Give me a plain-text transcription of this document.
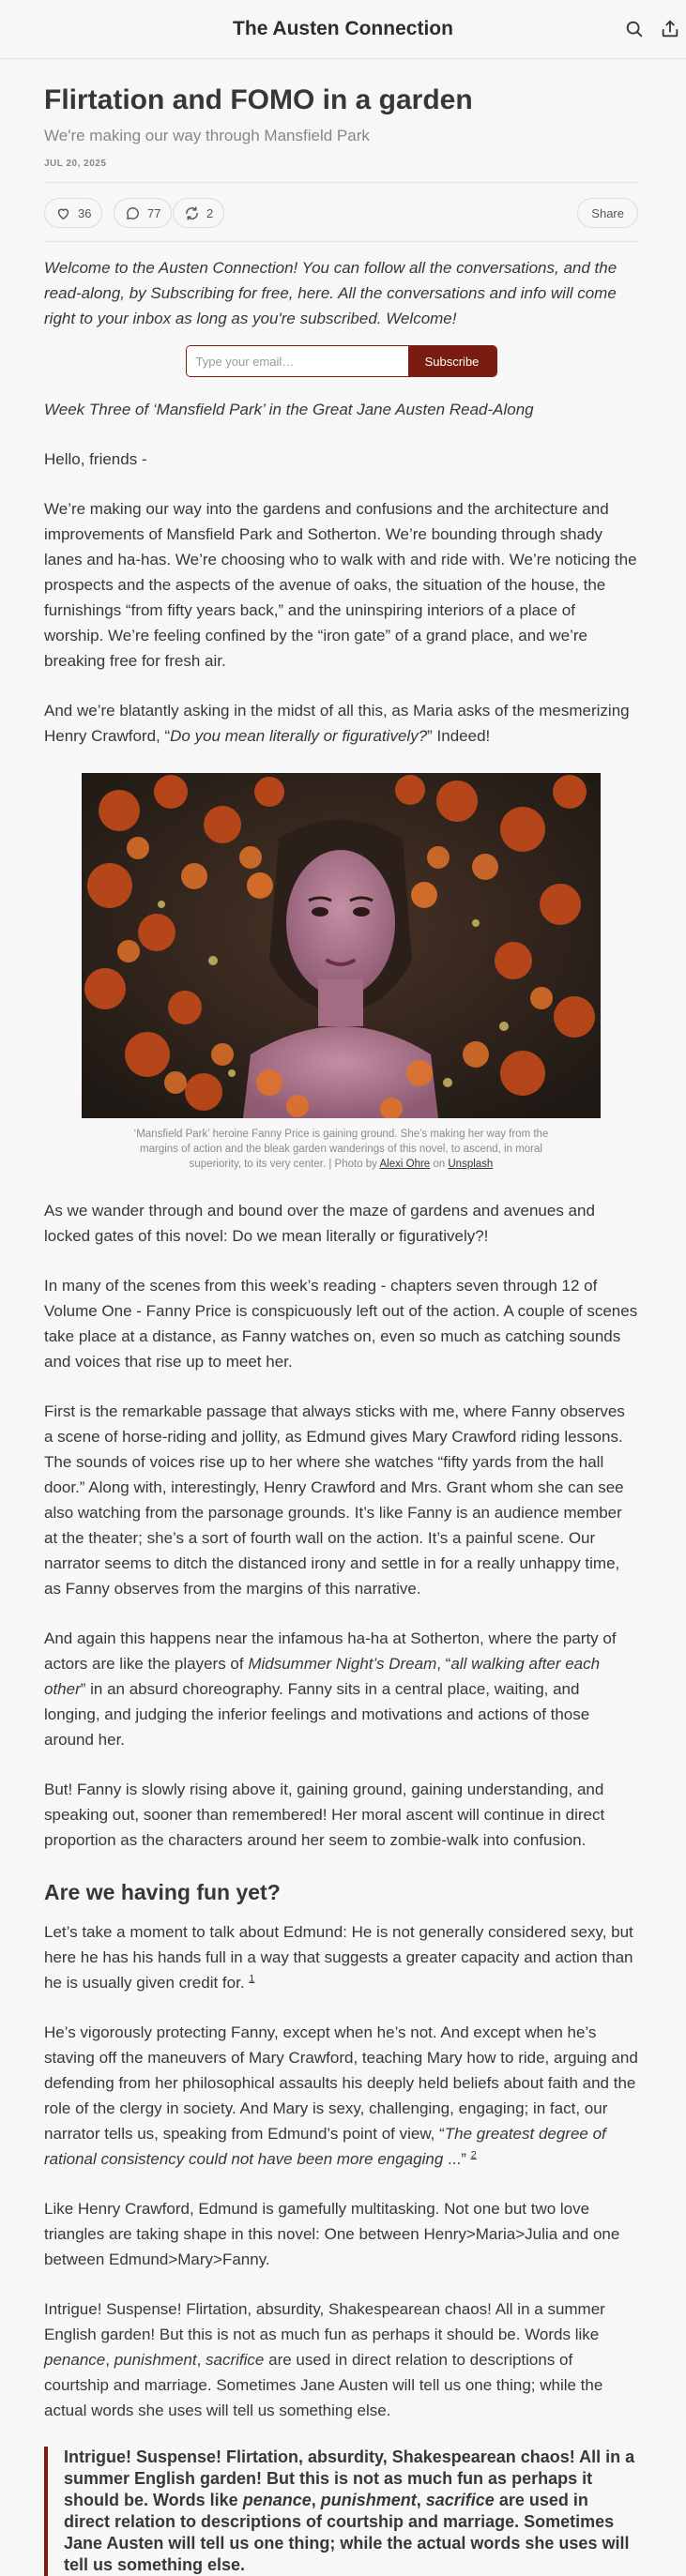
The Austen Connection
Flirtation and FOMO in a garden
We're making our way through Mansfield Park
JUL 20, 2025
36	77	2	Share

Welcome to the Austen Connection! You can follow all the conversations, and the read-along, by Subscribing for free, here. All the conversations and info will come right to your inbox as long as you're subscribed. Welcome!

Type your email…
Subscribe

Week Three of ‘Mansfield Park’ in the Great Jane Austen Read-Along

Hello, friends -

We’re making our way into the gardens and confusions and the architecture and improvements of Mansfield Park and Sotherton. We’re bounding through shady lanes and ha-has. We’re choosing who to walk with and ride with. We’re noticing the prospects and the aspects of the avenue of oaks, the situation of the house, the furnishings “from fifty years back,” and the uninspiring interiors of a place of worship. We’re feeling confined by the “iron gate” of a grand place, and we’re breaking free for fresh air.

And we’re blatantly asking in the midst of all this, as Maria asks of the mesmerizing Henry Crawford, “Do you mean literally or figuratively?” Indeed!

‘Mansfield Park’ heroine Fanny Price is gaining ground. She’s making her way from the margins of action and the bleak garden wanderings of this novel, to ascend, in moral superiority, to its very center. | Photo by Alexi Ohre on Unsplash

As we wander through and bound over the maze of gardens and avenues and locked gates of this novel: Do we mean literally or figuratively?!

In many of the scenes from this week’s reading - chapters seven through 12 of Volume One - Fanny Price is conspicuously left out of the action. A couple of scenes take place at a distance, as Fanny watches on, even so much as catching sounds and voices that rise up to meet her.

First is the remarkable passage that always sticks with me, where Fanny observes a scene of horse-riding and jollity, as Edmund gives Mary Crawford riding lessons. The sounds of voices rise up to her where she watches “fifty yards from the hall door.” Along with, interestingly, Henry Crawford and Mrs. Grant whom she can see also watching from the parsonage grounds. It’s like Fanny is an audience member at the theater; she’s a sort of fourth wall on the action. It’s a painful scene. Our narrator seems to ditch the distanced irony and settle in for a really unhappy time, as Fanny observes from the margins of this narrative.

And again this happens near the infamous ha-ha at Sotherton, where the party of actors are like the players of Midsummer Night’s Dream, “all walking after each other” in an absurd choreography. Fanny sits in a central place, waiting, and longing, and judging the inferior feelings and motivations and actions of those around her.

But! Fanny is slowly rising above it, gaining ground, gaining understanding, and speaking out, sooner than remembered! Her moral ascent will continue in direct proportion as the characters around her seem to zombie-walk into confusion.

Are we having fun yet?

Let’s take a moment to talk about Edmund: He is not generally considered sexy, but here he has his hands full in a way that suggests a greater capacity and action than he is usually given credit for. $^1$

He’s vigorously protecting Fanny, except when he’s not. And except when he’s staving off the maneuvers of Mary Crawford, teaching Mary how to ride, arguing and defending from her philosophical assaults his deeply held beliefs about faith and the role of the clergy in society. And Mary is sexy, challenging, engaging; in fact, our narrator tells us, speaking from Edmund’s point of view, “The greatest degree of rational consistency could not have been more engaging ...” $^2$

Like Henry Crawford, Edmund is gamefully multitasking. Not one but two love triangles are taking shape in this novel: One between Henry>Maria>Julia and one between Edmund>Mary>Fanny.

Intrigue! Suspense! Flirtation, absurdity, Shakespearean chaos! All in a summer English garden! But this is not as much fun as perhaps it should be. Words like penance, punishment, sacrifice are used in direct relation to descriptions of courtship and marriage. Sometimes Jane Austen will tell us one thing; while the actual words she uses will tell us something else.

Intrigue! Suspense! Flirtation, absurdity, Shakespearean chaos! All in a summer English garden! But this is not as much fun as perhaps it should be. Words like penance, punishment, sacrifice are used in direct relation to descriptions of courtship and marriage. Sometimes Jane Austen will tell us one thing; while the actual words she uses will tell us something else.
